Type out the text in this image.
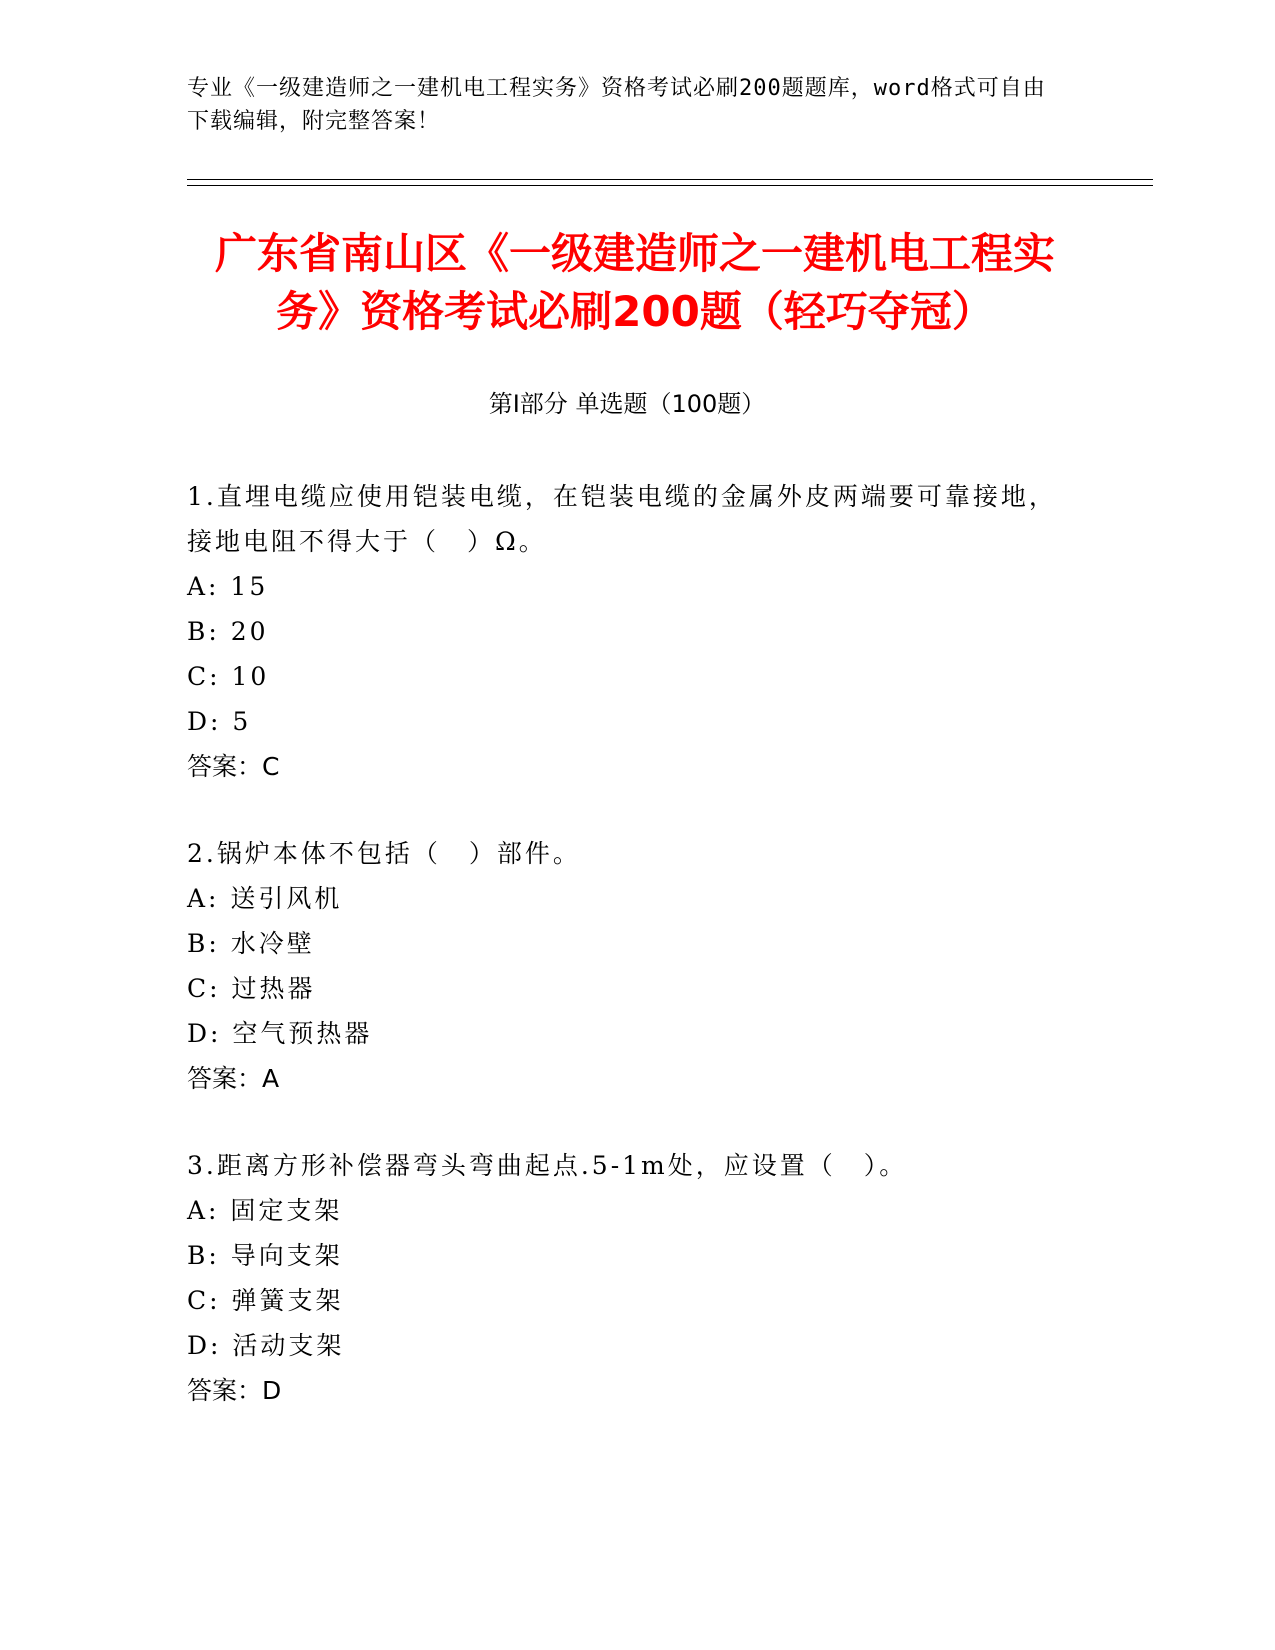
专业《一级建造师之一建机电工程实务》资格考试必刷200题题库，word格式可自由下载编辑，附完整答案！
广东省南山区《一级建造师之一建机电工程实务》资格考试必刷200题（轻巧夺冠）
第Ⅰ部分 单选题（100题）
1.直埋电缆应使用铠装电缆，在铠装电缆的金属外皮两端要可靠接地，接地电阻不得大于（　）Ω。
A: 15
B: 20
C: 10
D: 5
答案：C
2.锅炉本体不包括（　）部件。
A: 送引风机
B: 水冷壁
C: 过热器
D: 空气预热器
答案：A
3.距离方形补偿器弯头弯曲起点.5-1m处，应设置（　）。
A: 固定支架
B: 导向支架
C: 弹簧支架
D: 活动支架
答案：D
